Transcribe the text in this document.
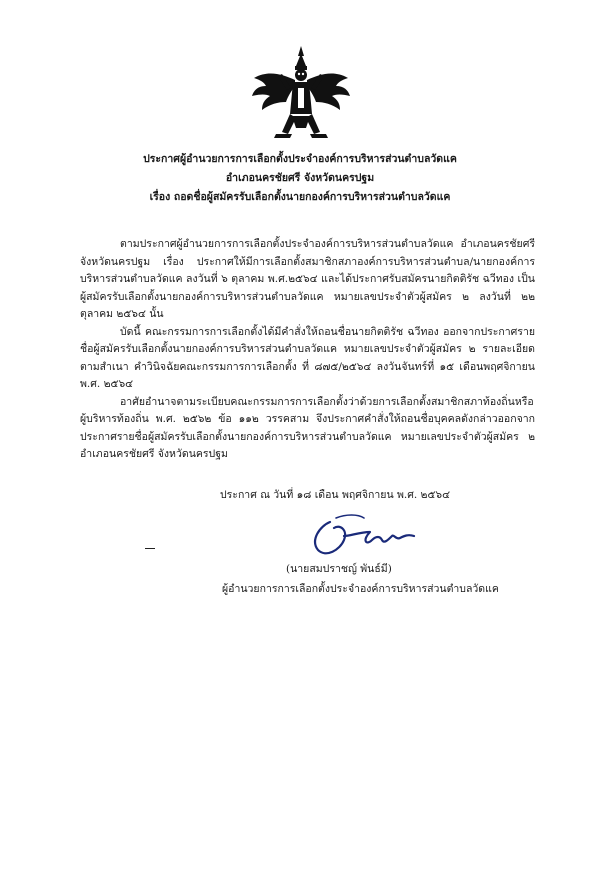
ประกาศผู้อำนวยการการเลือกตั้งประจำองค์การบริหารส่วนตำบลวัดแค
อำเภอนครชัยศรี จังหวัดนครปฐม
เรื่อง ถอดชื่อผู้สมัครรับเลือกตั้งนายกองค์การบริหารส่วนตำบลวัดแค

ตามประกาศผู้อำนวยการการเลือกตั้งประจำองค์การบริหารส่วนตำบลวัดแค อำเภอนครชัยศรี จังหวัดนครปฐม เรื่อง ประกาศให้มีการเลือกตั้งสมาชิกสภาองค์การบริหารส่วนตำบล/นายกองค์การบริหารส่วนตำบลวัดแค ลงวันที่ ๖ ตุลาคม พ.ศ.๒๕๖๔ และได้ประกาศรับสมัครนายกิตติรัช ฉวีทอง เป็นผู้สมัครรับเลือกตั้งนายกองค์การบริหารส่วนตำบลวัดแค หมายเลขประจำตัวผู้สมัคร ๒ ลงวันที่ ๒๒ ตุลาคม ๒๕๖๔ นั้น

บัดนี้ คณะกรรมการการเลือกตั้งได้มีคำสั่งให้ถอนชื่อนายกิตติรัช ฉวีทอง ออกจากประกาศรายชื่อผู้สมัครรับเลือกตั้งนายกองค์การบริหารส่วนตำบลวัดแค หมายเลขประจำตัวผู้สมัคร ๒ รายละเอียดตามสำเนา คำวินิจฉัยคณะกรรมการการเลือกตั้ง ที่ ๘๗๕/๒๕๖๔ ลงวันจันทร์ที่ ๑๕ เดือนพฤศจิกายน พ.ศ. ๒๕๖๔

อาศัยอำนาจตามระเบียบคณะกรรมการการเลือกตั้งว่าด้วยการเลือกตั้งสมาชิกสภาท้องถิ่นหรือผู้บริหารท้องถิ่น พ.ศ. ๒๕๖๒ ข้อ ๑๑๒ วรรคสาม จึงประกาศคำสั่งให้ถอนชื่อบุคคลดังกล่าวออกจากประกาศรายชื่อผู้สมัครรับเลือกตั้งนายกองค์การบริหารส่วนตำบลวัดแค หมายเลขประจำตัวผู้สมัคร ๒ อำเภอนครชัยศรี จังหวัดนครปฐม

ประกาศ ณ วันที่ ๑๘ เดือน พฤศจิกายน พ.ศ. ๒๕๖๔
(นายสมปราชญ์ พันธ์มี)
ผู้อำนวยการการเลือกตั้งประจำองค์การบริหารส่วนตำบลวัดแค
